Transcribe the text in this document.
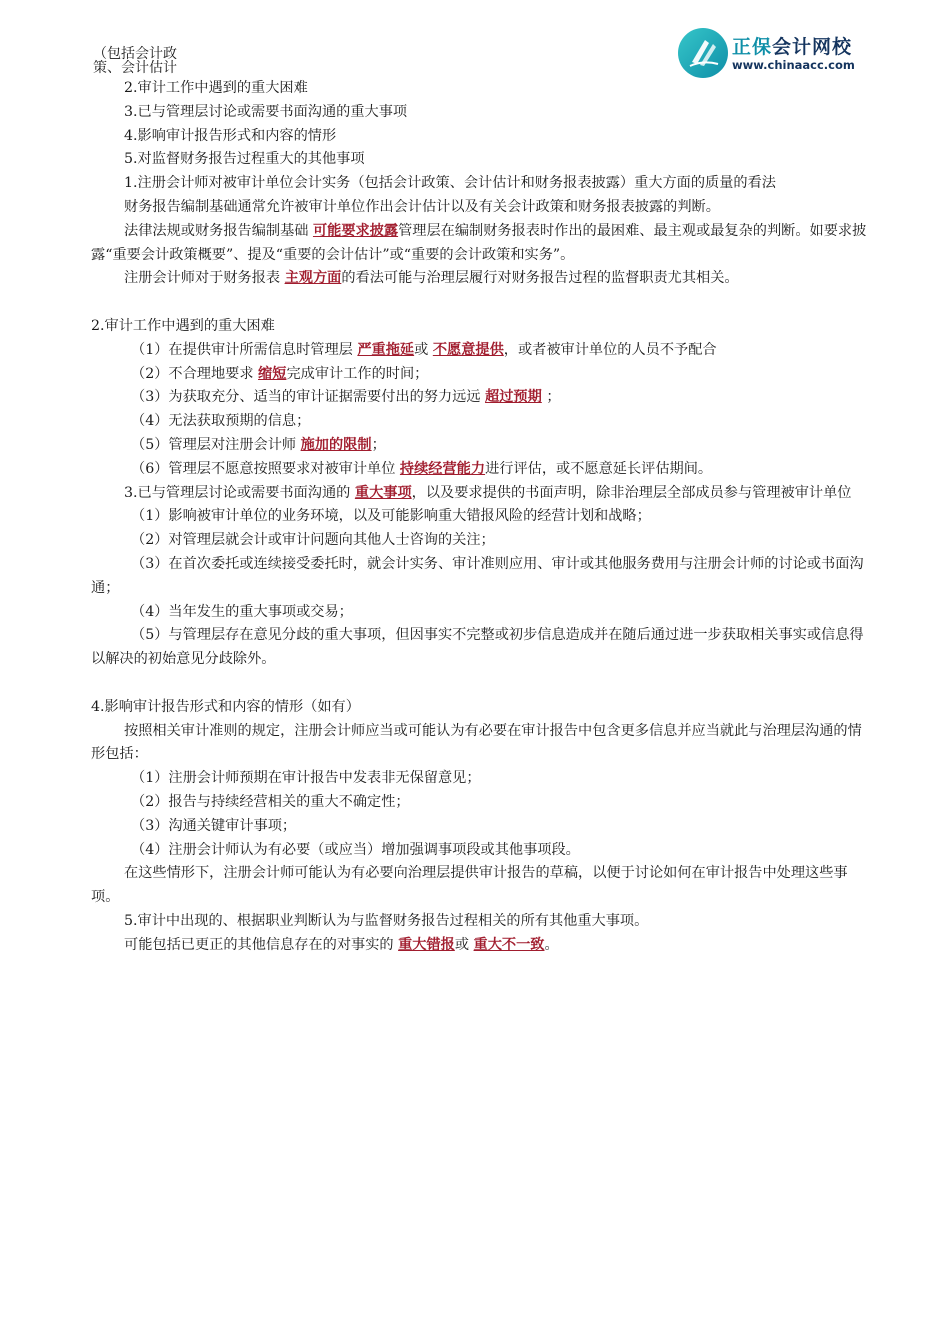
正保会计网校
www.chinaacc.com
（包括会计政策、会计估计

2.审计工作中遇到的重大困难

3.已与管理层讨论或需要书面沟通的重大事项

4.影响审计报告形式和内容的情形

5.对监督财务报告过程重大的其他事项

1.注册会计师对被审计单位会计实务（包括会计政策、会计估计和财务报表披露）重大方面的质量的看法

财务报告编制基础通常允许被审计单位作出会计估计以及有关会计政策和财务报表披露的判断。

法律法规或财务报告编制基础 可能要求披露管理层在编制财务报表时作出的最困难、最主观或最复杂的判断。如要求披露“重要会计政策概要”、提及“重要的会计估计”或“重要的会计政策和实务”。

注册会计师对于财务报表 主观方面的看法可能与治理层履行对财务报告过程的监督职责尤其相关。

2.审计工作中遇到的重大困难

（1）在提供审计所需信息时管理层 严重拖延或 不愿意提供，或者被审计单位的人员不予配合

（2）不合理地要求 缩短完成审计工作的时间；

（3）为获取充分、适当的审计证据需要付出的努力远远 超过预期 ；

（4）无法获取预期的信息；

（5）管理层对注册会计师 施加的限制；

（6）管理层不愿意按照要求对被审计单位 持续经营能力进行评估，或不愿意延长评估期间。

3.已与管理层讨论或需要书面沟通的 重大事项，以及要求提供的书面声明，除非治理层全部成员参与管理被审计单位

（1）影响被审计单位的业务环境，以及可能影响重大错报风险的经营计划和战略；

（2）对管理层就会计或审计问题向其他人士咨询的关注；

（3）在首次委托或连续接受委托时，就会计实务、审计准则应用、审计或其他服务费用与注册会计师的讨论或书面沟通；

（4）当年发生的重大事项或交易；

（5）与管理层存在意见分歧的重大事项，但因事实不完整或初步信息造成并在随后通过进一步获取相关事实或信息得以解决的初始意见分歧除外。

4.影响审计报告形式和内容的情形（如有）

按照相关审计准则的规定，注册会计师应当或可能认为有必要在审计报告中包含更多信息并应当就此与治理层沟通的情形包括：

（1）注册会计师预期在审计报告中发表非无保留意见；

（2）报告与持续经营相关的重大不确定性；

（3）沟通关键审计事项；

（4）注册会计师认为有必要（或应当）增加强调事项段或其他事项段。

在这些情形下，注册会计师可能认为有必要向治理层提供审计报告的草稿，以便于讨论如何在审计报告中处理这些事项。

5.审计中出现的、根据职业判断认为与监督财务报告过程相关的所有其他重大事项。

可能包括已更正的其他信息存在的对事实的 重大错报或 重大不一致。
